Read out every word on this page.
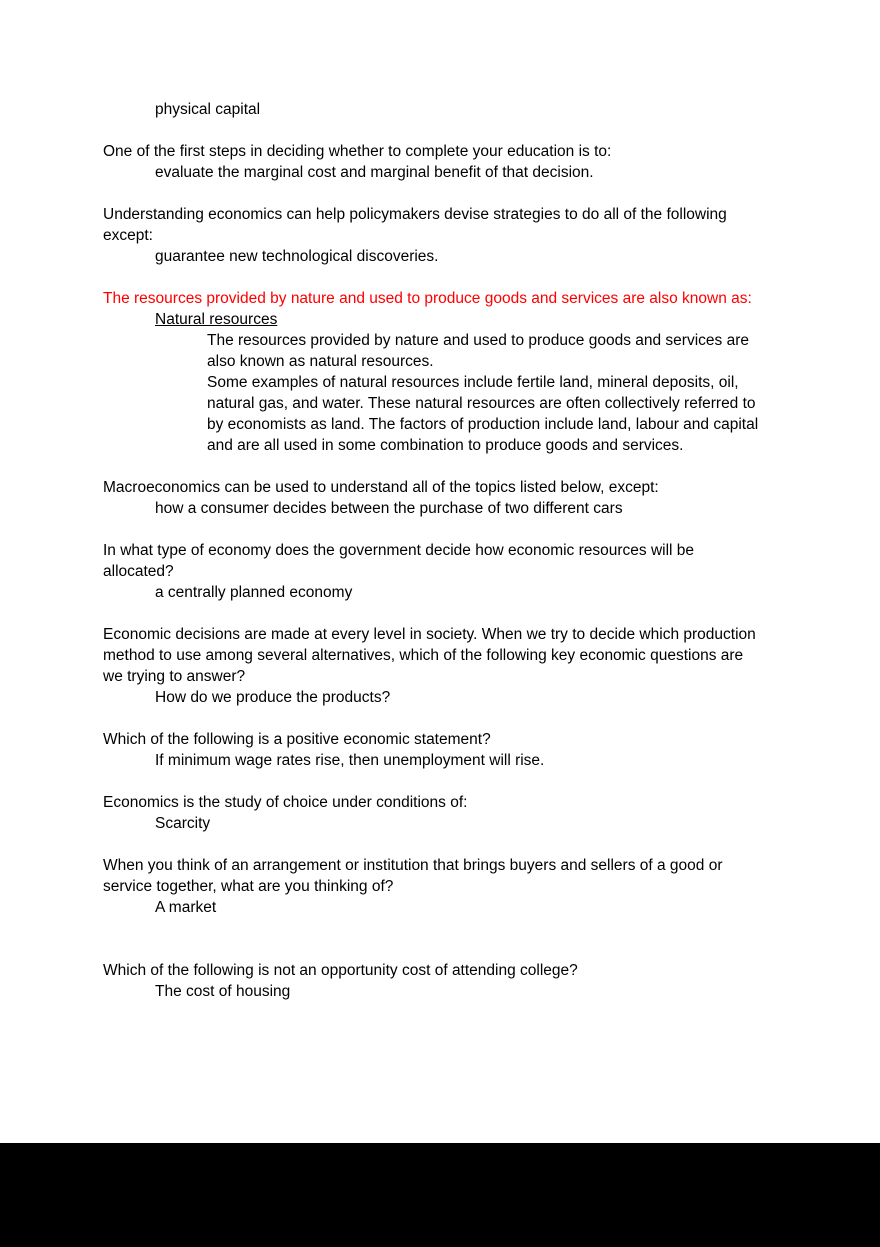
physical capital

One of the first steps in deciding whether to complete your education is to:
evaluate the marginal cost and marginal benefit of that decision.

Understanding economics can help policymakers devise strategies to do all of the following
except:
guarantee new technological discoveries.

The resources provided by nature and used to produce goods and services are also known as:
Natural resources
The resources provided by nature and used to produce goods and services are
also known as natural resources.
Some examples of natural resources include fertile land, mineral deposits, oil,
natural gas, and water. These natural resources are often collectively referred to
by economists as land. The factors of production include land, labour and capital
and are all used in some combination to produce goods and services.

Macroeconomics can be used to understand all of the topics listed below, except:
how a consumer decides between the purchase of two different cars

In what type of economy does the government decide how economic resources will be
allocated?
a centrally planned economy

Economic decisions are made at every level in society. When we try to decide which production
method to use among several alternatives, which of the following key economic questions are
we trying to answer?
How do we produce the products?

Which of the following is a positive economic statement?
If minimum wage rates rise, then unemployment will rise.

Economics is the study of choice under conditions of:
Scarcity

When you think of an arrangement or institution that brings buyers and sellers of a good or
service together, what are you thinking of?
A market

Which of the following is not an opportunity cost of attending college?
The cost of housing
